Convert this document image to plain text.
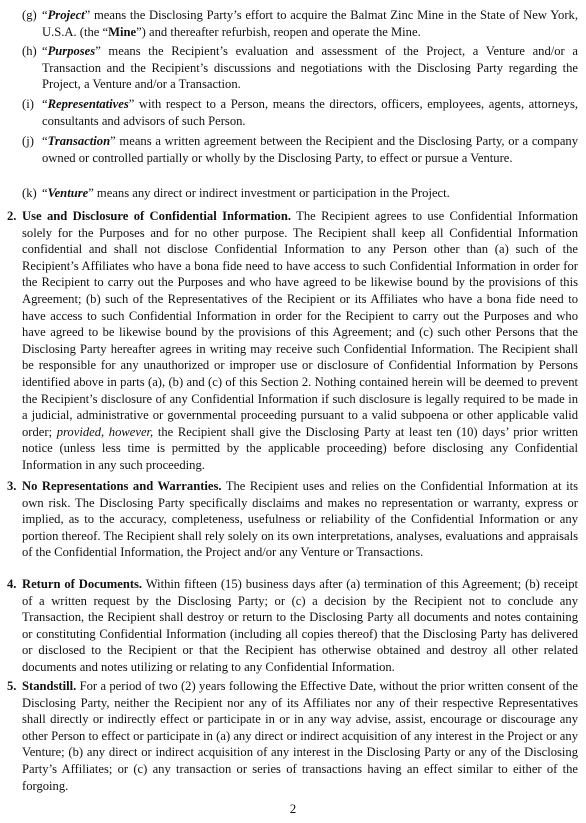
(g) “Project” means the Disclosing Party’s effort to acquire the Balmat Zinc Mine in the State of New York, U.S.A. (the “Mine”) and thereafter refurbish, reopen and operate the Mine.
(h) “Purposes” means the Recipient’s evaluation and assessment of the Project, a Venture and/or a Transaction and the Recipient’s discussions and negotiations with the Disclosing Party regarding the Project, a Venture and/or a Transaction.
(i) “Representatives” with respect to a Person, means the directors, officers, employees, agents, attorneys, consultants and advisors of such Person.
(j) “Transaction” means a written agreement between the Recipient and the Disclosing Party, or a company owned or controlled partially or wholly by the Disclosing Party, to effect or pursue a Venture.
(k) “Venture” means any direct or indirect investment or participation in the Project.
2. Use and Disclosure of Confidential Information. The Recipient agrees to use Confidential Information solely for the Purposes and for no other purpose. The Recipient shall keep all Confidential Information confidential and shall not disclose Confidential Information to any Person other than (a) such of the Recipient’s Affiliates who have a bona fide need to have access to such Confidential Information in order for the Recipient to carry out the Purposes and who have agreed to be likewise bound by the provisions of this Agreement; (b) such of the Representatives of the Recipient or its Affiliates who have a bona fide need to have access to such Confidential Information in order for the Recipient to carry out the Purposes and who have agreed to be likewise bound by the provisions of this Agreement; and (c) such other Persons that the Disclosing Party hereafter agrees in writing may receive such Confidential Information. The Recipient shall be responsible for any unauthorized or improper use or disclosure of Confidential Information by Persons identified above in parts (a), (b) and (c) of this Section 2. Nothing contained herein will be deemed to prevent the Recipient’s disclosure of any Confidential Information if such disclosure is legally required to be made in a judicial, administrative or governmental proceeding pursuant to a valid subpoena or other applicable valid order; provided, however, the Recipient shall give the Disclosing Party at least ten (10) days’ prior written notice (unless less time is permitted by the applicable proceeding) before disclosing any Confidential Information in any such proceeding.
3. No Representations and Warranties. The Recipient uses and relies on the Confidential Information at its own risk. The Disclosing Party specifically disclaims and makes no representation or warranty, express or implied, as to the accuracy, completeness, usefulness or reliability of the Confidential Information or any portion thereof. The Recipient shall rely solely on its own interpretations, analyses, evaluations and appraisals of the Confidential Information, the Project and/or any Venture or Transactions.
4. Return of Documents. Within fifteen (15) business days after (a) termination of this Agreement; (b) receipt of a written request by the Disclosing Party; or (c) a decision by the Recipient not to conclude any Transaction, the Recipient shall destroy or return to the Disclosing Party all documents and notes containing or constituting Confidential Information (including all copies thereof) that the Disclosing Party has delivered or disclosed to the Recipient or that the Recipient has otherwise obtained and destroy all other related documents and notes utilizing or relating to any Confidential Information.
5. Standstill. For a period of two (2) years following the Effective Date, without the prior written consent of the Disclosing Party, neither the Recipient nor any of its Affiliates nor any of their respective Representatives shall directly or indirectly effect or participate in or in any way advise, assist, encourage or discourage any other Person to effect or participate in (a) any direct or indirect acquisition of any interest in the Project or any Venture; (b) any direct or indirect acquisition of any interest in the Disclosing Party or any of the Disclosing Party’s Affiliates; or (c) any transaction or series of transactions having an effect similar to either of the forgoing.
2
